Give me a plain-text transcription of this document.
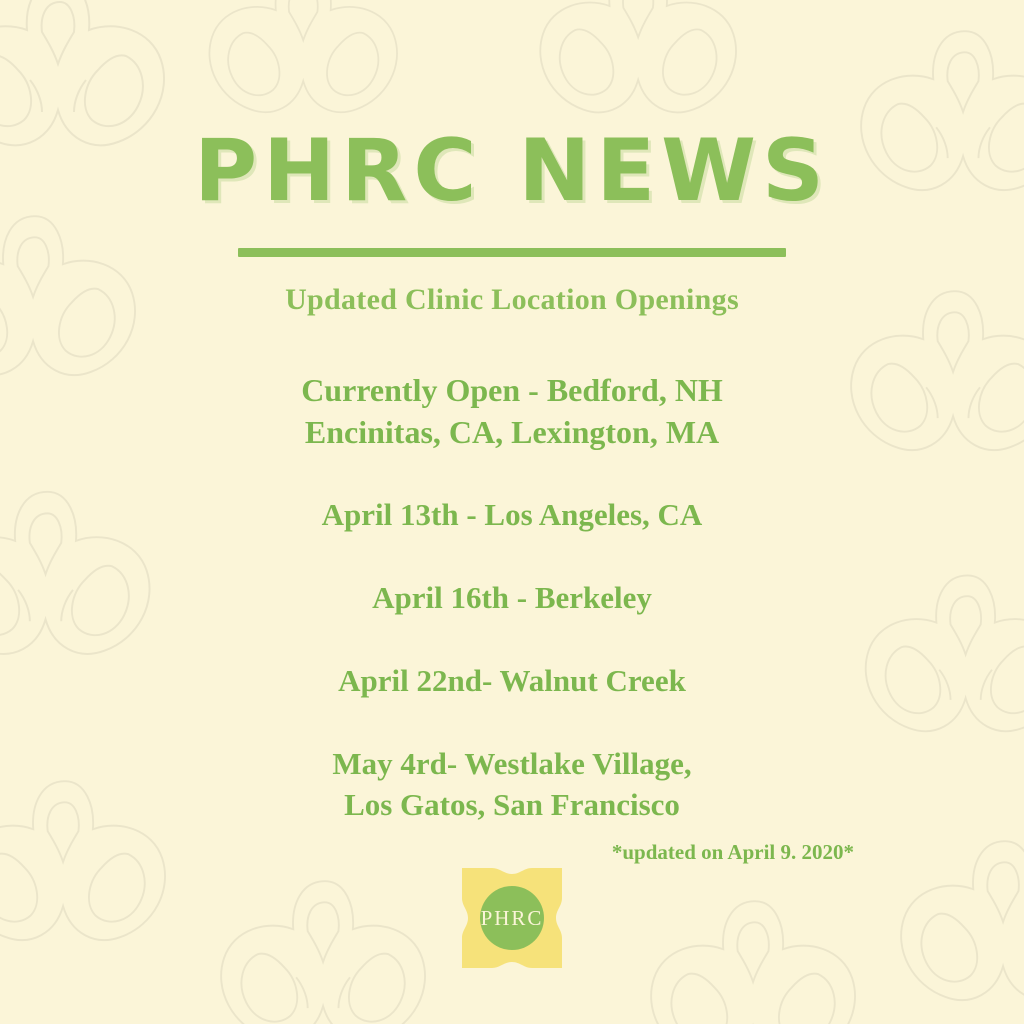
PHRC NEWS

Updated Clinic Location Openings

Currently Open - Bedford, NH
Encinitas, CA, Lexington, MA
April 13th - Los Angeles, CA
April 16th - Berkeley
April 22nd- Walnut Creek
May 4rd- Westlake Village,
Los Gatos, San Francisco
*updated on April 9. 2020*
PHRC
